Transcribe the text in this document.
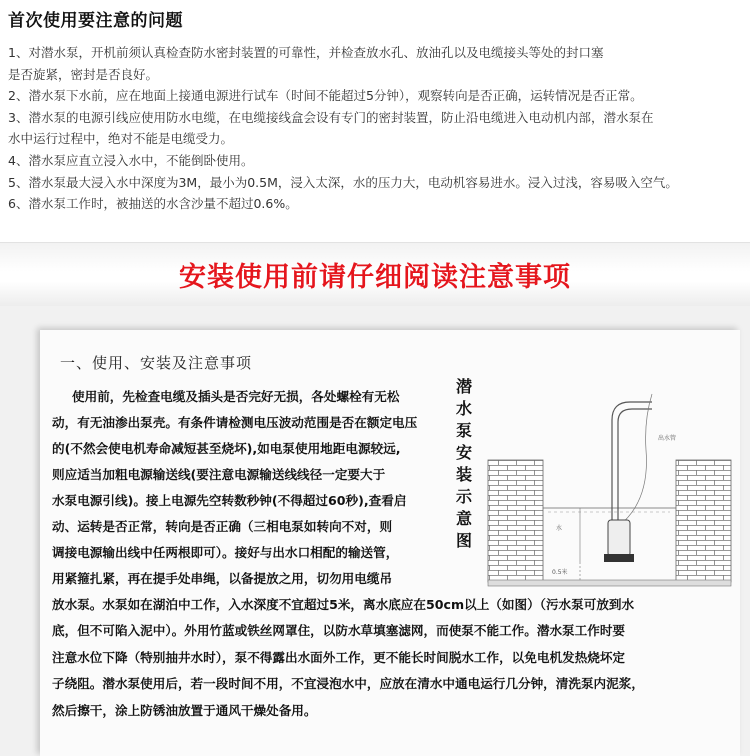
首次使用要注意的问题

1、对潜水泵，开机前须认真检查防水密封装置的可靠性，并检查放水孔、放油孔以及电缆接头等处的封口塞

是否旋紧，密封是否良好。

2、潜水泵下水前，应在地面上接通电源进行试车（时间不能超过5分钟），观察转向是否正确，运转情况是否正常。

3、潜水泵的电源引线应使用防水电缆，在电缆接线盒会设有专门的密封装置，防止沿电缆进入电动机内部，潜水泵在

水中运行过程中，绝对不能是电缆受力。

4、潜水泵应直立浸入水中，不能倒卧使用。

5、潜水泵最大浸入水中深度为3M，最小为0.5M，浸入太深，水的压力大，电动机容易进水。浸入过浅，容易吸入空气。

6、潜水泵工作时，被抽送的水含沙量不超过0.6%。

安装使用前请仔细阅读注意事项
一、使用、安装及注意事项

使用前，先检查电缆及插头是否完好无损，各处螺栓有无松

动，有无油渗出泵壳。有条件请检测电压波动范围是否在额定电压

的(不然会使电机寿命减短甚至烧坏),如电泵使用地距电源较远,

则应适当加粗电源输送线(要注意电源输送线线径一定要大于

水泵电源引线)。接上电源先空转数秒钟(不得超过60秒),查看启

动、运转是否正常，转向是否正确（三相电泵如转向不对，则

调接电源输出线中任两根即可）。接好与出水口相配的输送管，

用紧箍扎紧，再在提手处串绳，以备提放之用，切勿用电缆吊

潜
水
泵
安
装
示
意
图
出水管
0.5米
水

放水泵。水泵如在湖泊中工作，入水深度不宜超过5米，离水底应在50cm以上（如图）（污水泵可放到水

底，但不可陷入泥中）。外用竹蓝或铁丝网罩住，以防水草填塞滤网，而使泵不能工作。潜水泵工作时要

注意水位下降（特别抽井水时），泵不得露出水面外工作，更不能长时间脱水工作，以免电机发热烧坏定

子绕阻。潜水泵使用后，若一段时间不用，不宜浸泡水中，应放在清水中通电运行几分钟，清洗泵内泥浆，

然后擦干，涂上防锈油放置于通风干燥处备用。
